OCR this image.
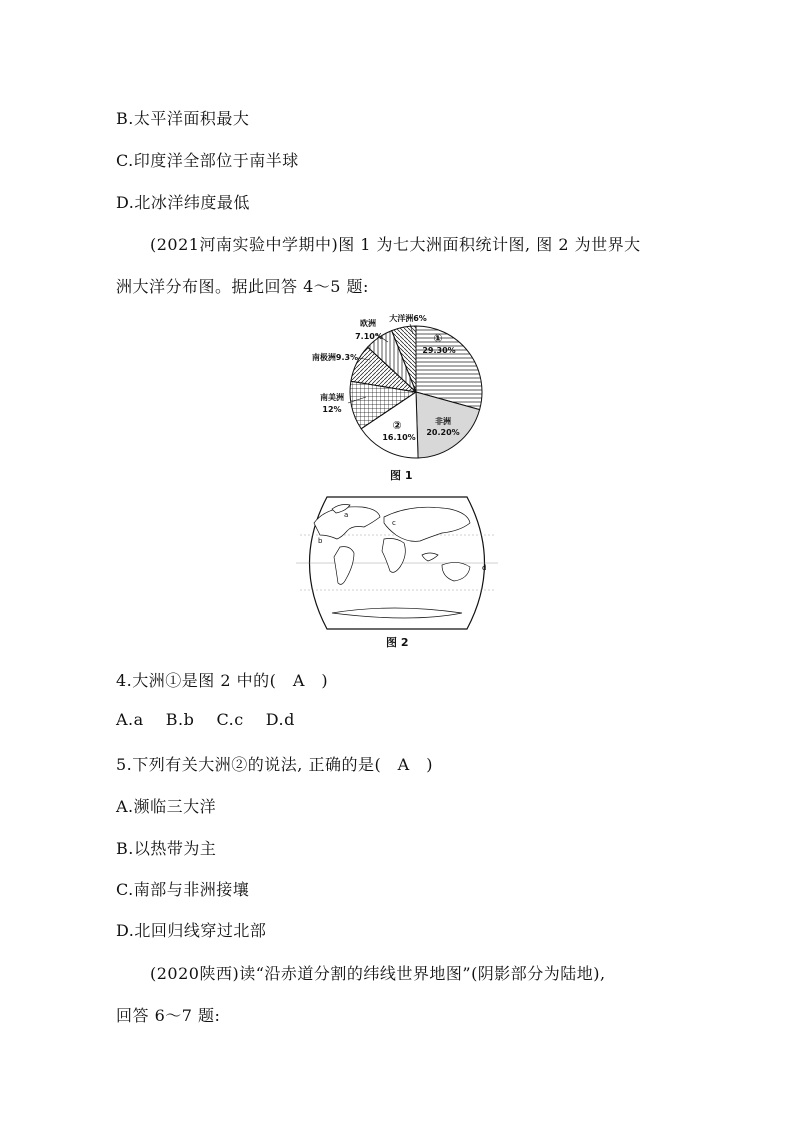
B.太平洋面积最大
C.印度洋全部位于南半球
D.北冰洋纬度最低
(2021河南实验中学期中)图 1 为七大洲面积统计图, 图 2 为世界大
洲大洋分布图。据此回答 4～5 题:
①
29.30%
非洲
20.20%
②
16.10%
南美洲
12%
南极洲9.3%
欧洲
7.10%
大洋洲6%
图 1
a
b
c
d
图 2
4.大洲①是图 2 中的( A )
A.a  B.b  C.c  D.d
5.下列有关大洲②的说法, 正确的是( A )
A.濒临三大洋
B.以热带为主
C.南部与非洲接壤
D.北回归线穿过北部
(2020陕西)读“沿赤道分割的纬线世界地图”(阴影部分为陆地),
回答 6～7 题:
